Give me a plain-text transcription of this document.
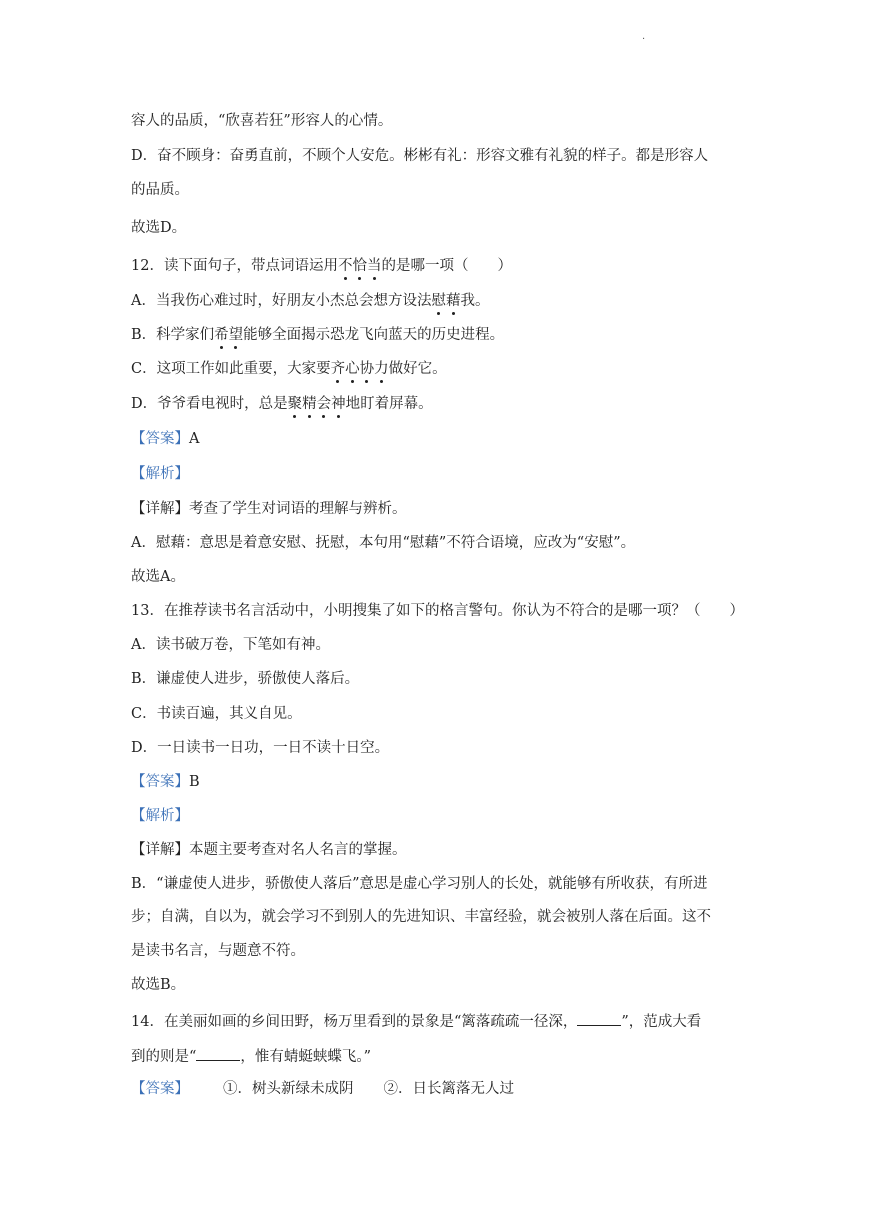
·
容人的品质，“欣喜若狂”形容人的心情。
D．奋不顾身：奋勇直前，不顾个人安危。彬彬有礼：形容文雅有礼貌的样子。都是形容人
的品质。
故选D。
12．读下面句子，带点词语运用不恰当的是哪一项（　　）
A．当我伤心难过时，好朋友小杰总会想方设法慰藉我。
B．科学家们希望能够全面揭示恐龙飞向蓝天的历史进程。
C．这项工作如此重要，大家要齐心协力做好它。
D．爷爷看电视时，总是聚精会神地盯着屏幕。
【答案】A
【解析】
【详解】考查了学生对词语的理解与辨析。
A．慰藉：意思是着意安慰、抚慰，本句用“慰藉”不符合语境，应改为“安慰”。
故选A。
13．在推荐读书名言活动中，小明搜集了如下的格言警句。你认为不符合的是哪一项？（　　）
A．读书破万卷，下笔如有神。
B．谦虚使人进步，骄傲使人落后。
C．书读百遍，其义自见。
D．一日读书一日功，一日不读十日空。
【答案】B
【解析】
【详解】本题主要考查对名人名言的掌握。
B．“谦虚使人进步，骄傲使人落后”意思是虚心学习别人的长处，就能够有所收获，有所进
步；自满，自以为，就会学习不到别人的先进知识、丰富经验，就会被别人落在后面。这不
是读书名言，与题意不符。
故选B。
14．在美丽如画的乡间田野，杨万里看到的景象是“篱落疏疏一径深，	”，范成大看
到的则是“	，惟有蜻蜓蛱蝶飞。”
【答案】 ①．树头新绿未成阴 ②．日长篱落无人过
